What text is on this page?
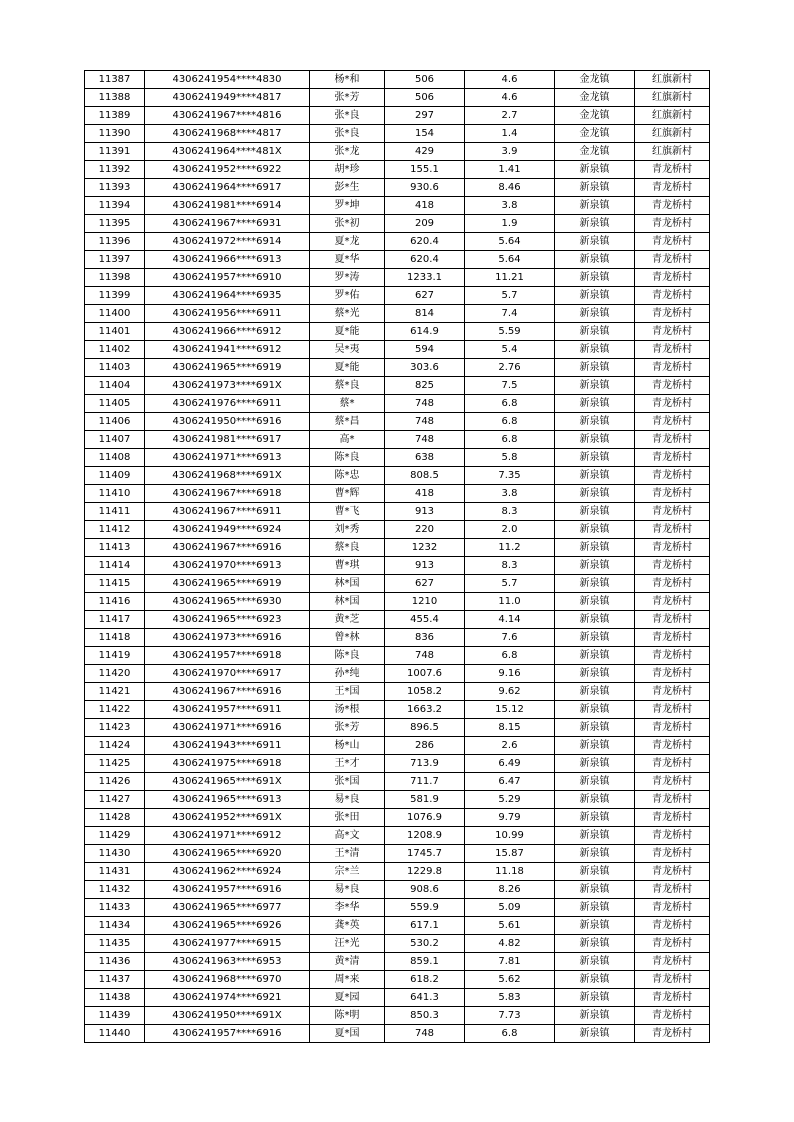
11387	4306241954****4830	杨*和	506	4.6	金龙镇	红旗新村
11388	4306241949****4817	张*芳	506	4.6	金龙镇	红旗新村
11389	4306241967****4816	张*良	297	2.7	金龙镇	红旗新村
11390	4306241968****4817	张*良	154	1.4	金龙镇	红旗新村
11391	4306241964****481X	张*龙	429	3.9	金龙镇	红旗新村
11392	4306241952****6922	胡*珍	155.1	1.41	新泉镇	青龙桥村
11393	4306241964****6917	彭*生	930.6	8.46	新泉镇	青龙桥村
11394	4306241981****6914	罗*坤	418	3.8	新泉镇	青龙桥村
11395	4306241967****6931	张*初	209	1.9	新泉镇	青龙桥村
11396	4306241972****6914	夏*龙	620.4	5.64	新泉镇	青龙桥村
11397	4306241966****6913	夏*华	620.4	5.64	新泉镇	青龙桥村
11398	4306241957****6910	罗*涛	1233.1	11.21	新泉镇	青龙桥村
11399	4306241964****6935	罗*佑	627	5.7	新泉镇	青龙桥村
11400	4306241956****6911	蔡*光	814	7.4	新泉镇	青龙桥村
11401	4306241966****6912	夏*能	614.9	5.59	新泉镇	青龙桥村
11402	4306241941****6912	吴*夷	594	5.4	新泉镇	青龙桥村
11403	4306241965****6919	夏*能	303.6	2.76	新泉镇	青龙桥村
11404	4306241973****691X	蔡*良	825	7.5	新泉镇	青龙桥村
11405	4306241976****6911	蔡*	748	6.8	新泉镇	青龙桥村
11406	4306241950****6916	蔡*昌	748	6.8	新泉镇	青龙桥村
11407	4306241981****6917	高*	748	6.8	新泉镇	青龙桥村
11408	4306241971****6913	陈*良	638	5.8	新泉镇	青龙桥村
11409	4306241968****691X	陈*忠	808.5	7.35	新泉镇	青龙桥村
11410	4306241967****6918	曹*辉	418	3.8	新泉镇	青龙桥村
11411	4306241967****6911	曹*飞	913	8.3	新泉镇	青龙桥村
11412	4306241949****6924	刘*秀	220	2.0	新泉镇	青龙桥村
11413	4306241967****6916	蔡*良	1232	11.2	新泉镇	青龙桥村
11414	4306241970****6913	曹*琪	913	8.3	新泉镇	青龙桥村
11415	4306241965****6919	林*国	627	5.7	新泉镇	青龙桥村
11416	4306241965****6930	林*国	1210	11.0	新泉镇	青龙桥村
11417	4306241965****6923	黄*芝	455.4	4.14	新泉镇	青龙桥村
11418	4306241973****6916	曾*林	836	7.6	新泉镇	青龙桥村
11419	4306241957****6918	陈*良	748	6.8	新泉镇	青龙桥村
11420	4306241970****6917	孙*纯	1007.6	9.16	新泉镇	青龙桥村
11421	4306241967****6916	王*国	1058.2	9.62	新泉镇	青龙桥村
11422	4306241957****6911	汤*根	1663.2	15.12	新泉镇	青龙桥村
11423	4306241971****6916	张*芳	896.5	8.15	新泉镇	青龙桥村
11424	4306241943****6911	杨*山	286	2.6	新泉镇	青龙桥村
11425	4306241975****6918	王*才	713.9	6.49	新泉镇	青龙桥村
11426	4306241965****691X	张*国	711.7	6.47	新泉镇	青龙桥村
11427	4306241965****6913	易*良	581.9	5.29	新泉镇	青龙桥村
11428	4306241952****691X	张*田	1076.9	9.79	新泉镇	青龙桥村
11429	4306241971****6912	高*文	1208.9	10.99	新泉镇	青龙桥村
11430	4306241965****6920	王*清	1745.7	15.87	新泉镇	青龙桥村
11431	4306241962****6924	宗*兰	1229.8	11.18	新泉镇	青龙桥村
11432	4306241957****6916	易*良	908.6	8.26	新泉镇	青龙桥村
11433	4306241965****6977	李*华	559.9	5.09	新泉镇	青龙桥村
11434	4306241965****6926	龚*英	617.1	5.61	新泉镇	青龙桥村
11435	4306241977****6915	汪*光	530.2	4.82	新泉镇	青龙桥村
11436	4306241963****6953	黄*清	859.1	7.81	新泉镇	青龙桥村
11437	4306241968****6970	周*来	618.2	5.62	新泉镇	青龙桥村
11438	4306241974****6921	夏*园	641.3	5.83	新泉镇	青龙桥村
11439	4306241950****691X	陈*明	850.3	7.73	新泉镇	青龙桥村
11440	4306241957****6916	夏*国	748	6.8	新泉镇	青龙桥村
